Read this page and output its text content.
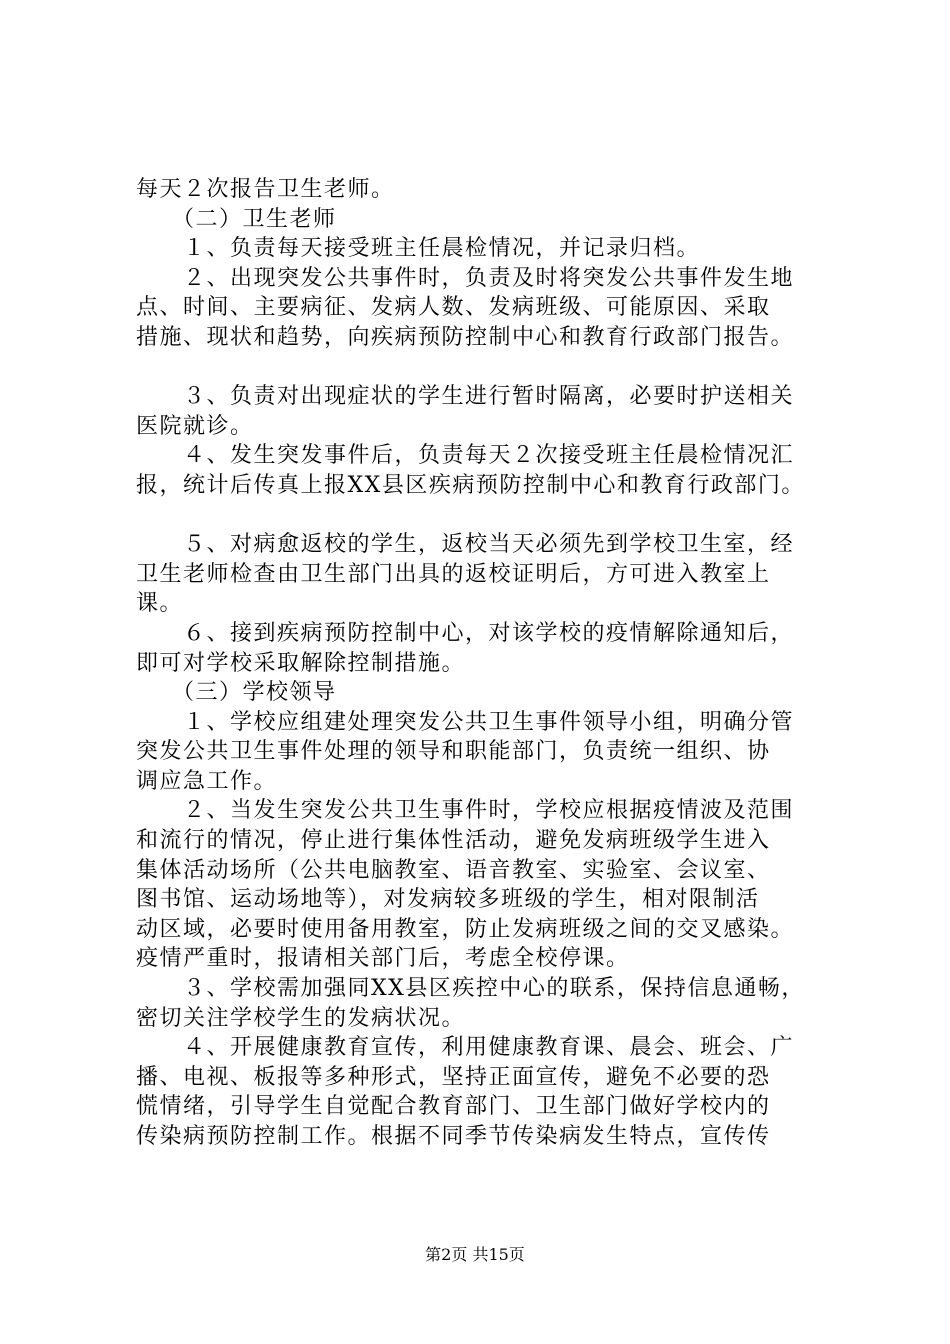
每天２次报告卫生老师。
　　（二）卫生老师
　　１、负责每天接受班主任晨检情况，并记录归档。
　　２、出现突发公共事件时，负责及时将突发公共事件发生地
点、时间、主要病征、发病人数、发病班级、可能原因、采取
措施、现状和趋势，向疾病预防控制中心和教育行政部门报告。
　　３、负责对出现症状的学生进行暂时隔离，必要时护送相关
医院就诊。
　　４、发生突发事件后，负责每天２次接受班主任晨检情况汇
报，统计后传真上报XX县区疾病预防控制中心和教育行政部门。
　　５、对病愈返校的学生，返校当天必须先到学校卫生室，经
卫生老师检查由卫生部门出具的返校证明后，方可进入教室上
课。
　　６、接到疾病预防控制中心，对该学校的疫情解除通知后，
即可对学校采取解除控制措施。
　　（三）学校领导
　　１、学校应组建处理突发公共卫生事件领导小组，明确分管
突发公共卫生事件处理的领导和职能部门，负责统一组织、协
调应急工作。
　　２、当发生突发公共卫生事件时，学校应根据疫情波及范围
和流行的情况，停止进行集体性活动，避免发病班级学生进入
集体活动场所（公共电脑教室、语音教室、实验室、会议室、
图书馆、运动场地等），对发病较多班级的学生，相对限制活
动区域，必要时使用备用教室，防止发病班级之间的交叉感染。
疫情严重时，报请相关部门后，考虑全校停课。
　　３、学校需加强同XX县区疾控中心的联系，保持信息通畅，
密切关注学校学生的发病状况。
　　４、开展健康教育宣传，利用健康教育课、晨会、班会、广
播、电视、板报等多种形式，坚持正面宣传，避免不必要的恐
慌情绪，引导学生自觉配合教育部门、卫生部门做好学校内的
传染病预防控制工作。根据不同季节传染病发生特点，宣传传
第2页 共15页
